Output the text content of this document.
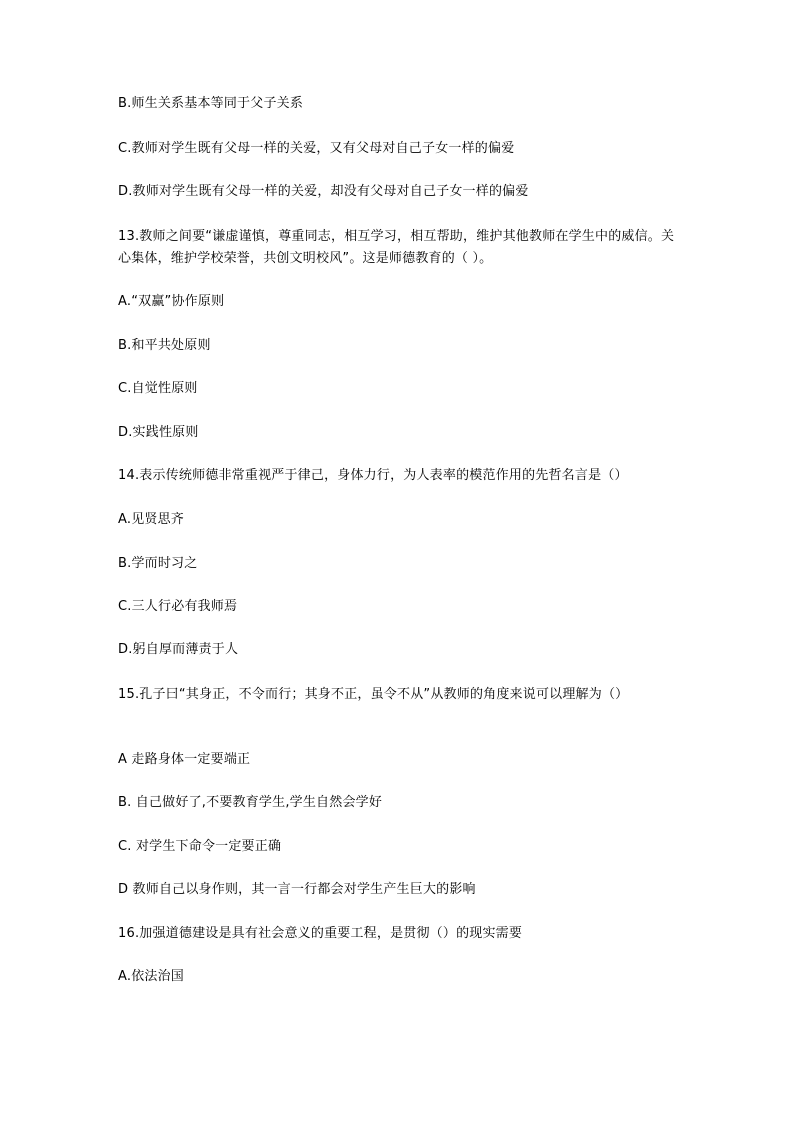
B.师生关系基本等同于父子关系
C.教师对学生既有父母一样的关爱，又有父母对自己子女一样的偏爱
D.教师对学生既有父母一样的关爱，却没有父母对自己子女一样的偏爱
13.教师之间要“谦虚谨慎，尊重同志，相互学习，相互帮助，维护其他教师在学生中的威信。关心集体，维护学校荣誉，共创文明校风”。这是师德教育的（ ）。
A.“双赢”协作原则
B.和平共处原则
C.自觉性原则
D.实践性原则
14.表示传统师德非常重视严于律己，身体力行，为人表率的模范作用的先哲名言是（）
A.见贤思齐
B.学而时习之
C.三人行必有我师焉
D.躬自厚而薄责于人
15.孔子曰“其身正，不令而行；其身不正，虽令不从”从教师的角度来说可以理解为（）
A 走路身体一定要端正
B. 自己做好了,不要教育学生,学生自然会学好
C. 对学生下命令一定要正确
D 教师自己以身作则，其一言一行都会对学生产生巨大的影响
16.加强道德建设是具有社会意义的重要工程，是贯彻（）的现实需要
A.依法治国
